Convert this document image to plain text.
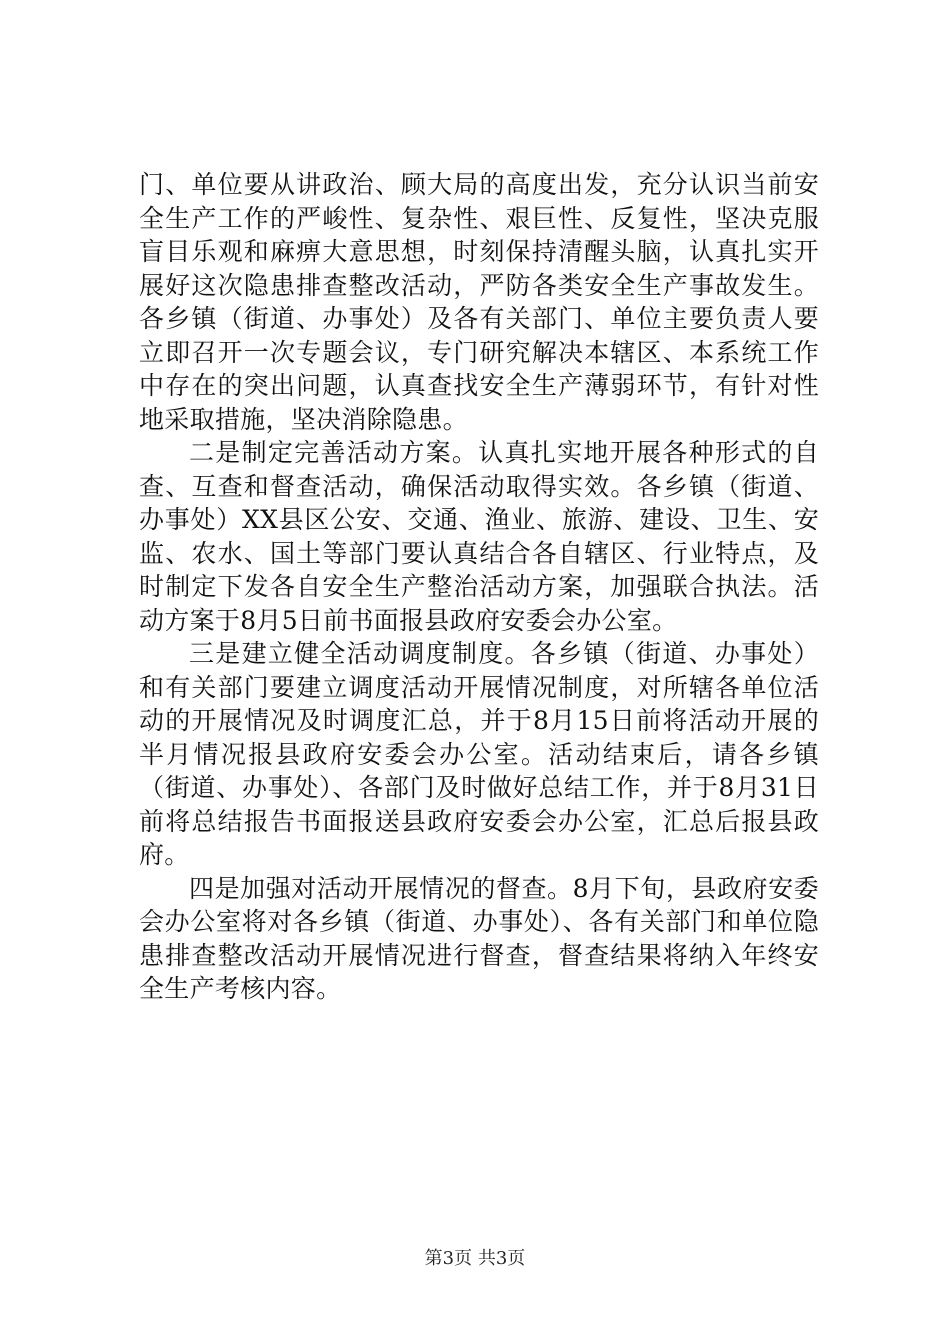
门、单位要从讲政治、顾大局的高度出发，充分认识当前安全生产工作的严峻性、复杂性、艰巨性、反复性，坚决克服盲目乐观和麻痹大意思想，时刻保持清醒头脑，认真扎实开展好这次隐患排查整改活动，严防各类安全生产事故发生。各乡镇（街道、办事处）及各有关部门、单位主要负责人要立即召开一次专题会议，专门研究解决本辖区、本系统工作中存在的突出问题，认真查找安全生产薄弱环节，有针对性地采取措施，坚决消除隐患。

二是制定完善活动方案。认真扎实地开展各种形式的自查、互查和督查活动，确保活动取得实效。各乡镇（街道、办事处）XX县区公安、交通、渔业、旅游、建设、卫生、安监、农水、国土等部门要认真结合各自辖区、行业特点，及时制定下发各自安全生产整治活动方案，加强联合执法。活动方案于8月5日前书面报县政府安委会办公室。

三是建立健全活动调度制度。各乡镇（街道、办事处）和有关部门要建立调度活动开展情况制度，对所辖各单位活动的开展情况及时调度汇总，并于8月15日前将活动开展的半月情况报县政府安委会办公室。活动结束后，请各乡镇（街道、办事处）、各部门及时做好总结工作，并于8月31日前将总结报告书面报送县政府安委会办公室，汇总后报县政府。

四是加强对活动开展情况的督查。8月下旬，县政府安委会办公室将对各乡镇（街道、办事处）、各有关部门和单位隐患排查整改活动开展情况进行督查，督查结果将纳入年终安全生产考核内容。

第3页 共3页
